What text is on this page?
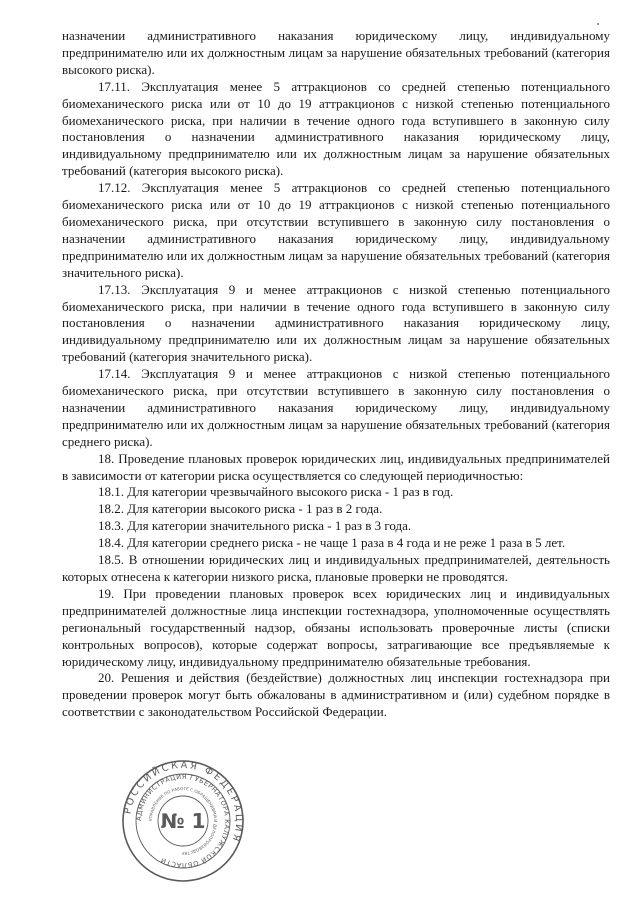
назначении административного наказания юридическому лицу, индивидуальному предпринимателю или их должностным лицам за нарушение обязательных требований (категория высокого риска).

17.11. Эксплуатация менее 5 аттракционов со средней степенью потенциального биомеханического риска или от 10 до 19 аттракционов с низкой степенью потенциального биомеханического риска, при наличии в течение одного года вступившего в законную силу постановления о назначении административного наказания юридическому лицу, индивидуальному предпринимателю или их должностным лицам за нарушение обязательных требований (категория высокого риска).

17.12. Эксплуатация менее 5 аттракционов со средней степенью потенциального биомеханического риска или от 10 до 19 аттракционов с низкой степенью потенциального биомеханического риска, при отсутствии вступившего в законную силу постановления о назначении административного наказания юридическому лицу, индивидуальному предпринимателю или их должностным лицам за нарушение обязательных требований (категория значительного риска).

17.13. Эксплуатация 9 и менее аттракционов с низкой степенью потенциального биомеханического риска, при наличии в течение одного года вступившего в законную силу постановления о назначении административного наказания юридическому лицу, индивидуальному предпринимателю или их должностным лицам за нарушение обязательных требований (категория значительного риска).

17.14. Эксплуатация 9 и менее аттракционов с низкой степенью потенциального биомеханического риска, при отсутствии вступившего в законную силу постановления о назначении административного наказания юридическому лицу, индивидуальному предпринимателю или их должностным лицам за нарушение обязательных требований (категория среднего риска).

18. Проведение плановых проверок юридических лиц, индивидуальных предпринимателей в зависимости от категории риска осуществляется со следующей периодичностью:

18.1. Для категории чрезвычайного высокого риска - 1 раз в год.

18.2. Для категории высокого риска - 1 раз в 2 года.

18.3. Для категории значительного риска - 1 раз в 3 года.

18.4. Для категории среднего риска - не чаще 1 раза в 4 года и не реже 1 раза в 5 лет.

18.5. В отношении юридических лиц и индивидуальных предпринимателей, деятельность которых отнесена к категории низкого риска, плановые проверки не проводятся.

19. При проведении плановых проверок всех юридических лиц и индивидуальных предпринимателей должностные лица инспекции гостехнадзора, уполномоченные осуществлять региональный государственный надзор, обязаны использовать проверочные листы (списки контрольных вопросов), которые содержат вопросы, затрагивающие все предъявляемые к юридическому лицу, индивидуальному предпринимателю обязательные требования.

20. Решения и действия (бездействие) должностных лиц инспекции гостехнадзора при проведении проверок могут быть обжалованы в административном и (или) судебном порядке в соответствии с законодательством Российской Федерации.

РОССИЙСКАЯ ФЕДЕРАЦИЯ
АДМИНИСТРАЦИЯ ГУБЕРНАТОРА КАЛУЖСКОЙ ОБЛАСТИ
УПРАВЛЕНИЕ ПО РАБОТЕ С ОБРАЩЕНИЯМИ И ДЕЛОПРОИЗВОДСТВУ
№ 1
